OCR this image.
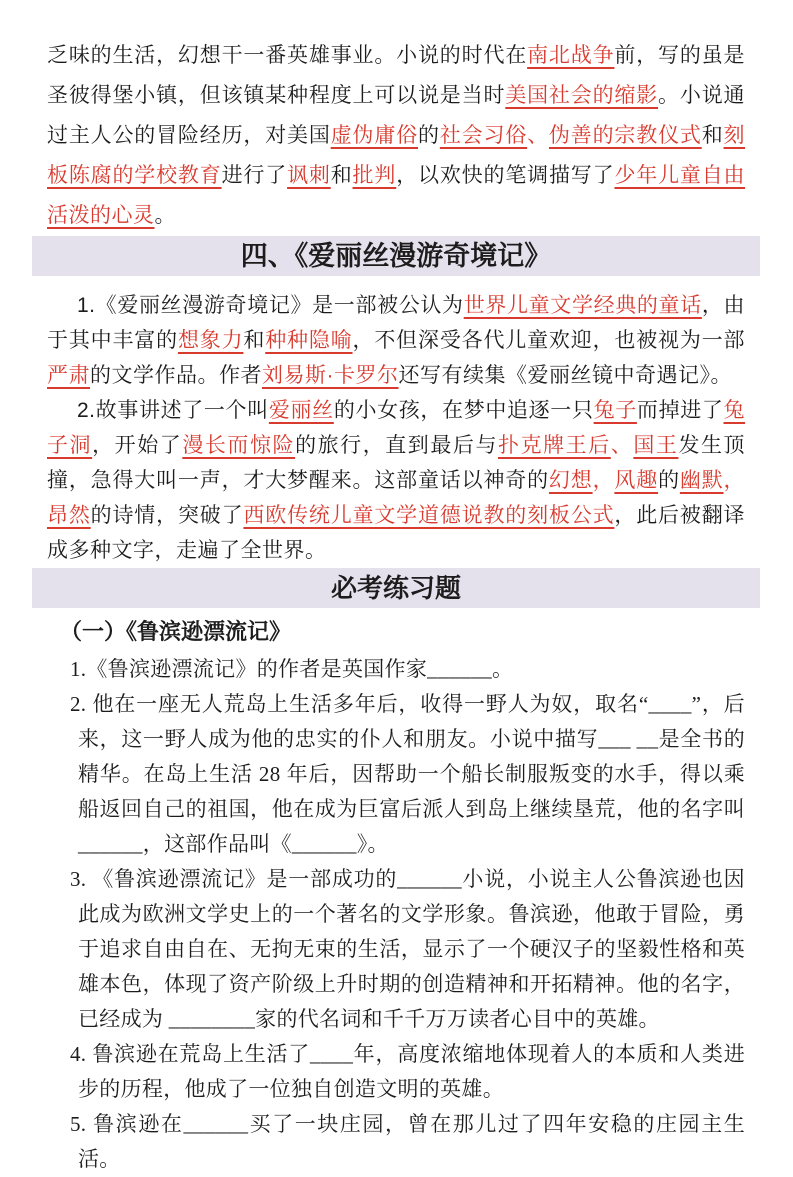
乏味的生活，幻想干一番英雄事业。小说的时代在南北战争前，写的虽是圣彼得堡小镇，但该镇某种程度上可以说是当时美国社会的缩影。小说通过主人公的冒险经历，对美国虚伪庸俗的社会习俗、伪善的宗教仪式和刻板陈腐的学校教育进行了讽刺和批判，以欢快的笔调描写了少年儿童自由活泼的心灵。

四、《爱丽丝漫游奇境记》

1.《爱丽丝漫游奇境记》是一部被公认为世界儿童文学经典的童话，由于其中丰富的想象力和种种隐喻，不但深受各代儿童欢迎，也被视为一部严肃的文学作品。作者刘易斯·卡罗尔还写有续集《爱丽丝镜中奇遇记》。

2.故事讲述了一个叫爱丽丝的小女孩，在梦中追逐一只兔子而掉进了兔子洞，开始了漫长而惊险的旅行，直到最后与扑克牌王后、国王发生顶撞，急得大叫一声，才大梦醒来。这部童话以神奇的幻想，风趣的幽默，昂然的诗情，突破了西欧传统儿童文学道德说教的刻板公式，此后被翻译成多种文字，走遍了全世界。

必考练习题
（一）《鲁滨逊漂流记》
1.《鲁滨逊漂流记》的作者是英国作家______。
2. 他在一座无人荒岛上生活多年后，收得一野人为奴，取名“____”，后来，这一野人成为他的忠实的仆人和朋友。小说中描写___ __是全书的精华。在岛上生活 28 年后，因帮助一个船长制服叛变的水手，得以乘船返回自己的祖国，他在成为巨富后派人到岛上继续垦荒，他的名字叫______，这部作品叫《______》。
3. 《鲁滨逊漂流记》是一部成功的______小说，小说主人公鲁滨逊也因此成为欧洲文学史上的一个著名的文学形象。鲁滨逊，他敢于冒险，勇于追求自由自在、无拘无束的生活，显示了一个硬汉子的坚毅性格和英雄本色，体现了资产阶级上升时期的创造精神和开拓精神。他的名字，已经成为 ________家的代名词和千千万万读者心目中的英雄。
4. 鲁滨逊在荒岛上生活了____年，高度浓缩地体现着人的本质和人类进步的历程，他成了一位独自创造文明的英雄。
5. 鲁滨逊在______买了一块庄园，曾在那儿过了四年安稳的庄园主生活。
